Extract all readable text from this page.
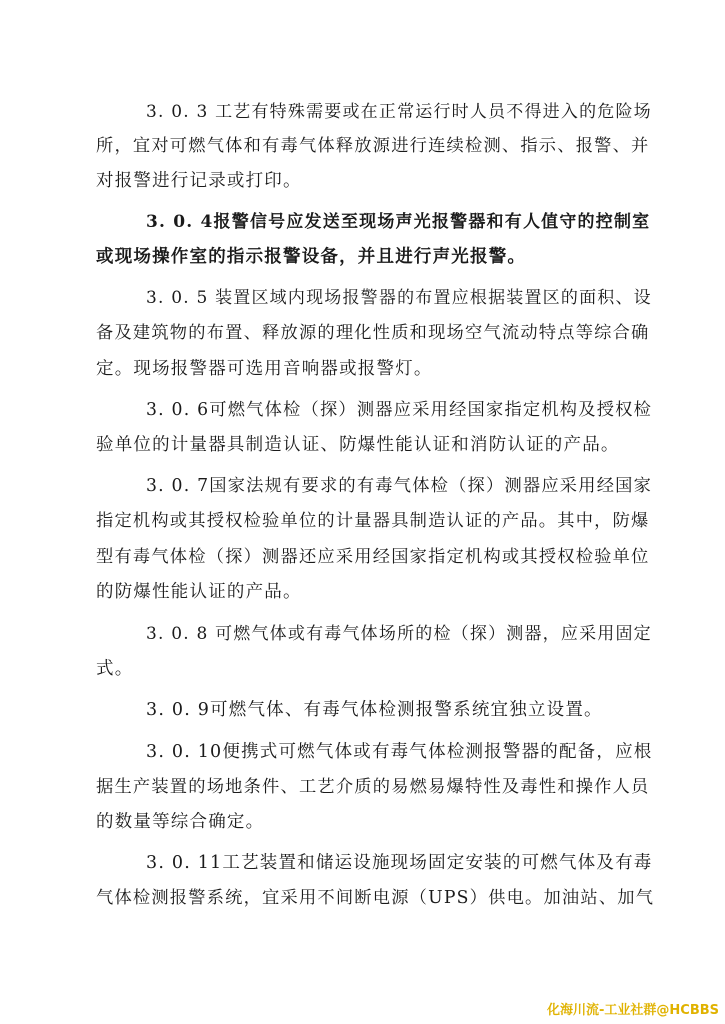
3. 0. 3 工艺有特殊需要或在正常运行时人员不得进入的危险场
所，宜对可燃气体和有毒气体释放源进行连续检测、指示、报警、并
对报警进行记录或打印。
3. 0. 4报警信号应发送至现场声光报警器和有人值守的控制室
或现场操作室的指示报警设备，并且进行声光报警。
3. 0. 5 装置区域内现场报警器的布置应根据装置区的面积、设
备及建筑物的布置、释放源的理化性质和现场空气流动特点等综合确
定。现场报警器可选用音响器或报警灯。
3. 0. 6可燃气体检（探）测器应采用经国家指定机构及授权检
验单位的计量器具制造认证、防爆性能认证和消防认证的产品。
3. 0. 7国家法规有要求的有毒气体检（探）测器应采用经国家
指定机构或其授权检验单位的计量器具制造认证的产品。其中，防爆
型有毒气体检（探）测器还应采用经国家指定机构或其授权检验单位
的防爆性能认证的产品。
3. 0. 8 可燃气体或有毒气体场所的检（探）测器，应采用固定
式。
3. 0. 9可燃气体、有毒气体检测报警系统宜独立设置。
3. 0. 10便携式可燃气体或有毒气体检测报警器的配备，应根
据生产装置的场地条件、工艺介质的易燃易爆特性及毒性和操作人员
的数量等综合确定。
3. 0. 11工艺装置和储运设施现场固定安装的可燃气体及有毒
气体检测报警系统，宜采用不间断电源（UPS）供电。加油站、加气
化海川流-工业社群@HCBBS
